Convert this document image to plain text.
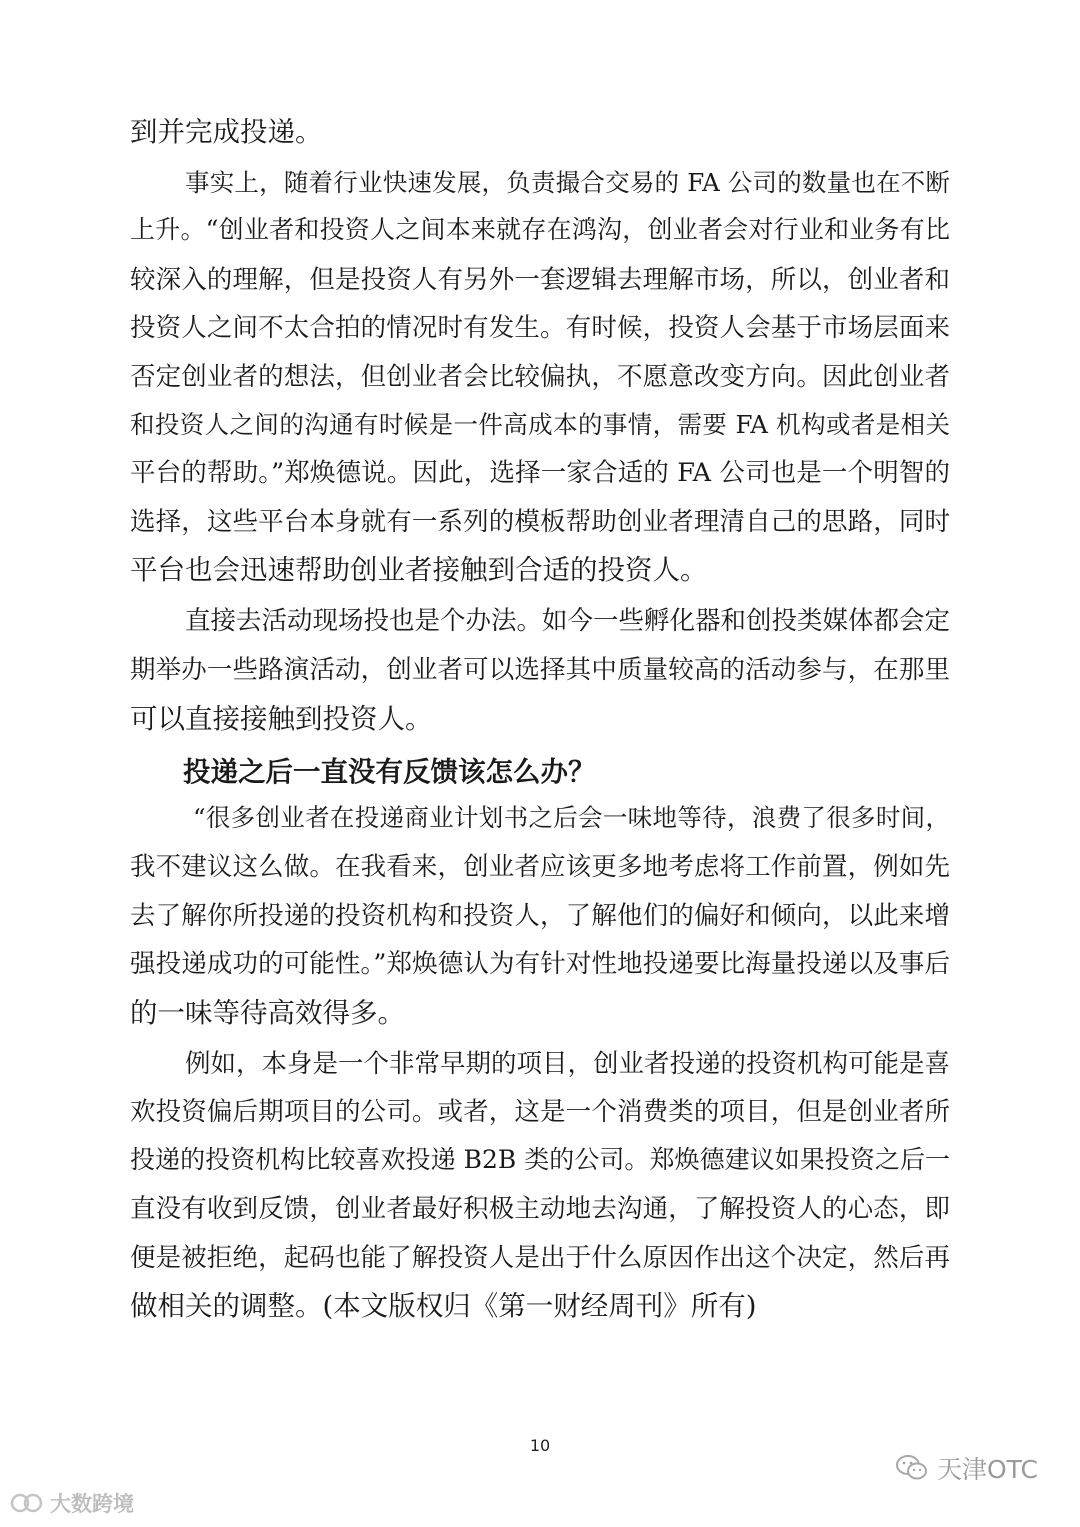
到并完成投递。
事实上，随着行业快速发展，负责撮合交易的 FA 公司的数量也在不断
上升。“创业者和投资人之间本来就存在鸿沟，创业者会对行业和业务有比
较深入的理解，但是投资人有另外一套逻辑去理解市场，所以，创业者和
投资人之间不太合拍的情况时有发生。有时候，投资人会基于市场层面来
否定创业者的想法，但创业者会比较偏执，不愿意改变方向。因此创业者
和投资人之间的沟通有时候是一件高成本的事情，需要 FA 机构或者是相关
平台的帮助。”郑焕德说。因此，选择一家合适的 FA 公司也是一个明智的
选择，这些平台本身就有一系列的模板帮助创业者理清自己的思路，同时
平台也会迅速帮助创业者接触到合适的投资人。
直接去活动现场投也是个办法。如今一些孵化器和创投类媒体都会定
期举办一些路演活动，创业者可以选择其中质量较高的活动参与，在那里
可以直接接触到投资人。
投递之后一直没有反馈该怎么办？
“很多创业者在投递商业计划书之后会一味地等待，浪费了很多时间，
我不建议这么做。在我看来，创业者应该更多地考虑将工作前置，例如先
去了解你所投递的投资机构和投资人，了解他们的偏好和倾向，以此来增
强投递成功的可能性。”郑焕德认为有针对性地投递要比海量投递以及事后
的一味等待高效得多。
例如，本身是一个非常早期的项目，创业者投递的投资机构可能是喜
欢投资偏后期项目的公司。或者，这是一个消费类的项目，但是创业者所
投递的投资机构比较喜欢投递 B2B 类的公司。郑焕德建议如果投资之后一
直没有收到反馈，创业者最好积极主动地去沟通，了解投资人的心态，即
便是被拒绝，起码也能了解投资人是出于什么原因作出这个决定，然后再
做相关的调整。(本文版权归《第一财经周刊》所有)
10
天津OTC
大数跨境
